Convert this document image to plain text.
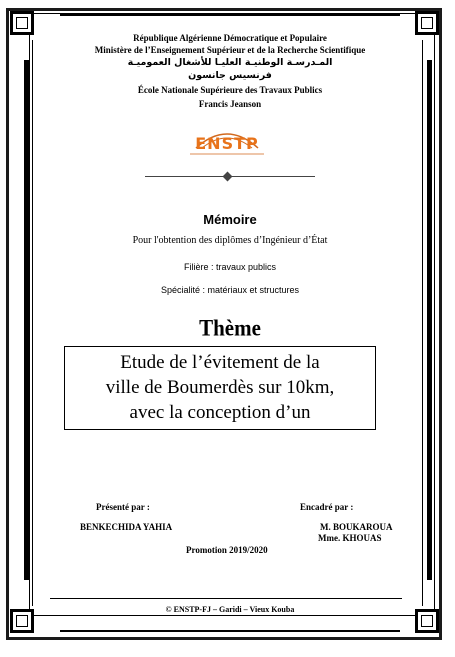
République Algérienne Démocratique et Populaire
Ministère de l’Enseignement Supérieur et de la Recherche Scientifique
المـدرسـة الوطنيـة العليـا للأشغال العموميـة
فرنسيس جانسون
École Nationale Supérieure des Travaux Publics
Francis Jeanson
ENSTP
Mémoire
Pour l'obtention des diplômes d’Ingénieur d’État
Filière : travaux publics
Spécialité : matériaux et structures
Thème
Etude de l’évitement de la
ville de Boumerdès sur 10km,
avec la conception d’un
Présenté par :	Encadré par :
BENKECHIDA YAHIA	M. BOUKAROUA
Mme. KHOUAS
Promotion 2019/2020
© ENSTP-FJ – Garidi – Vieux Kouba
